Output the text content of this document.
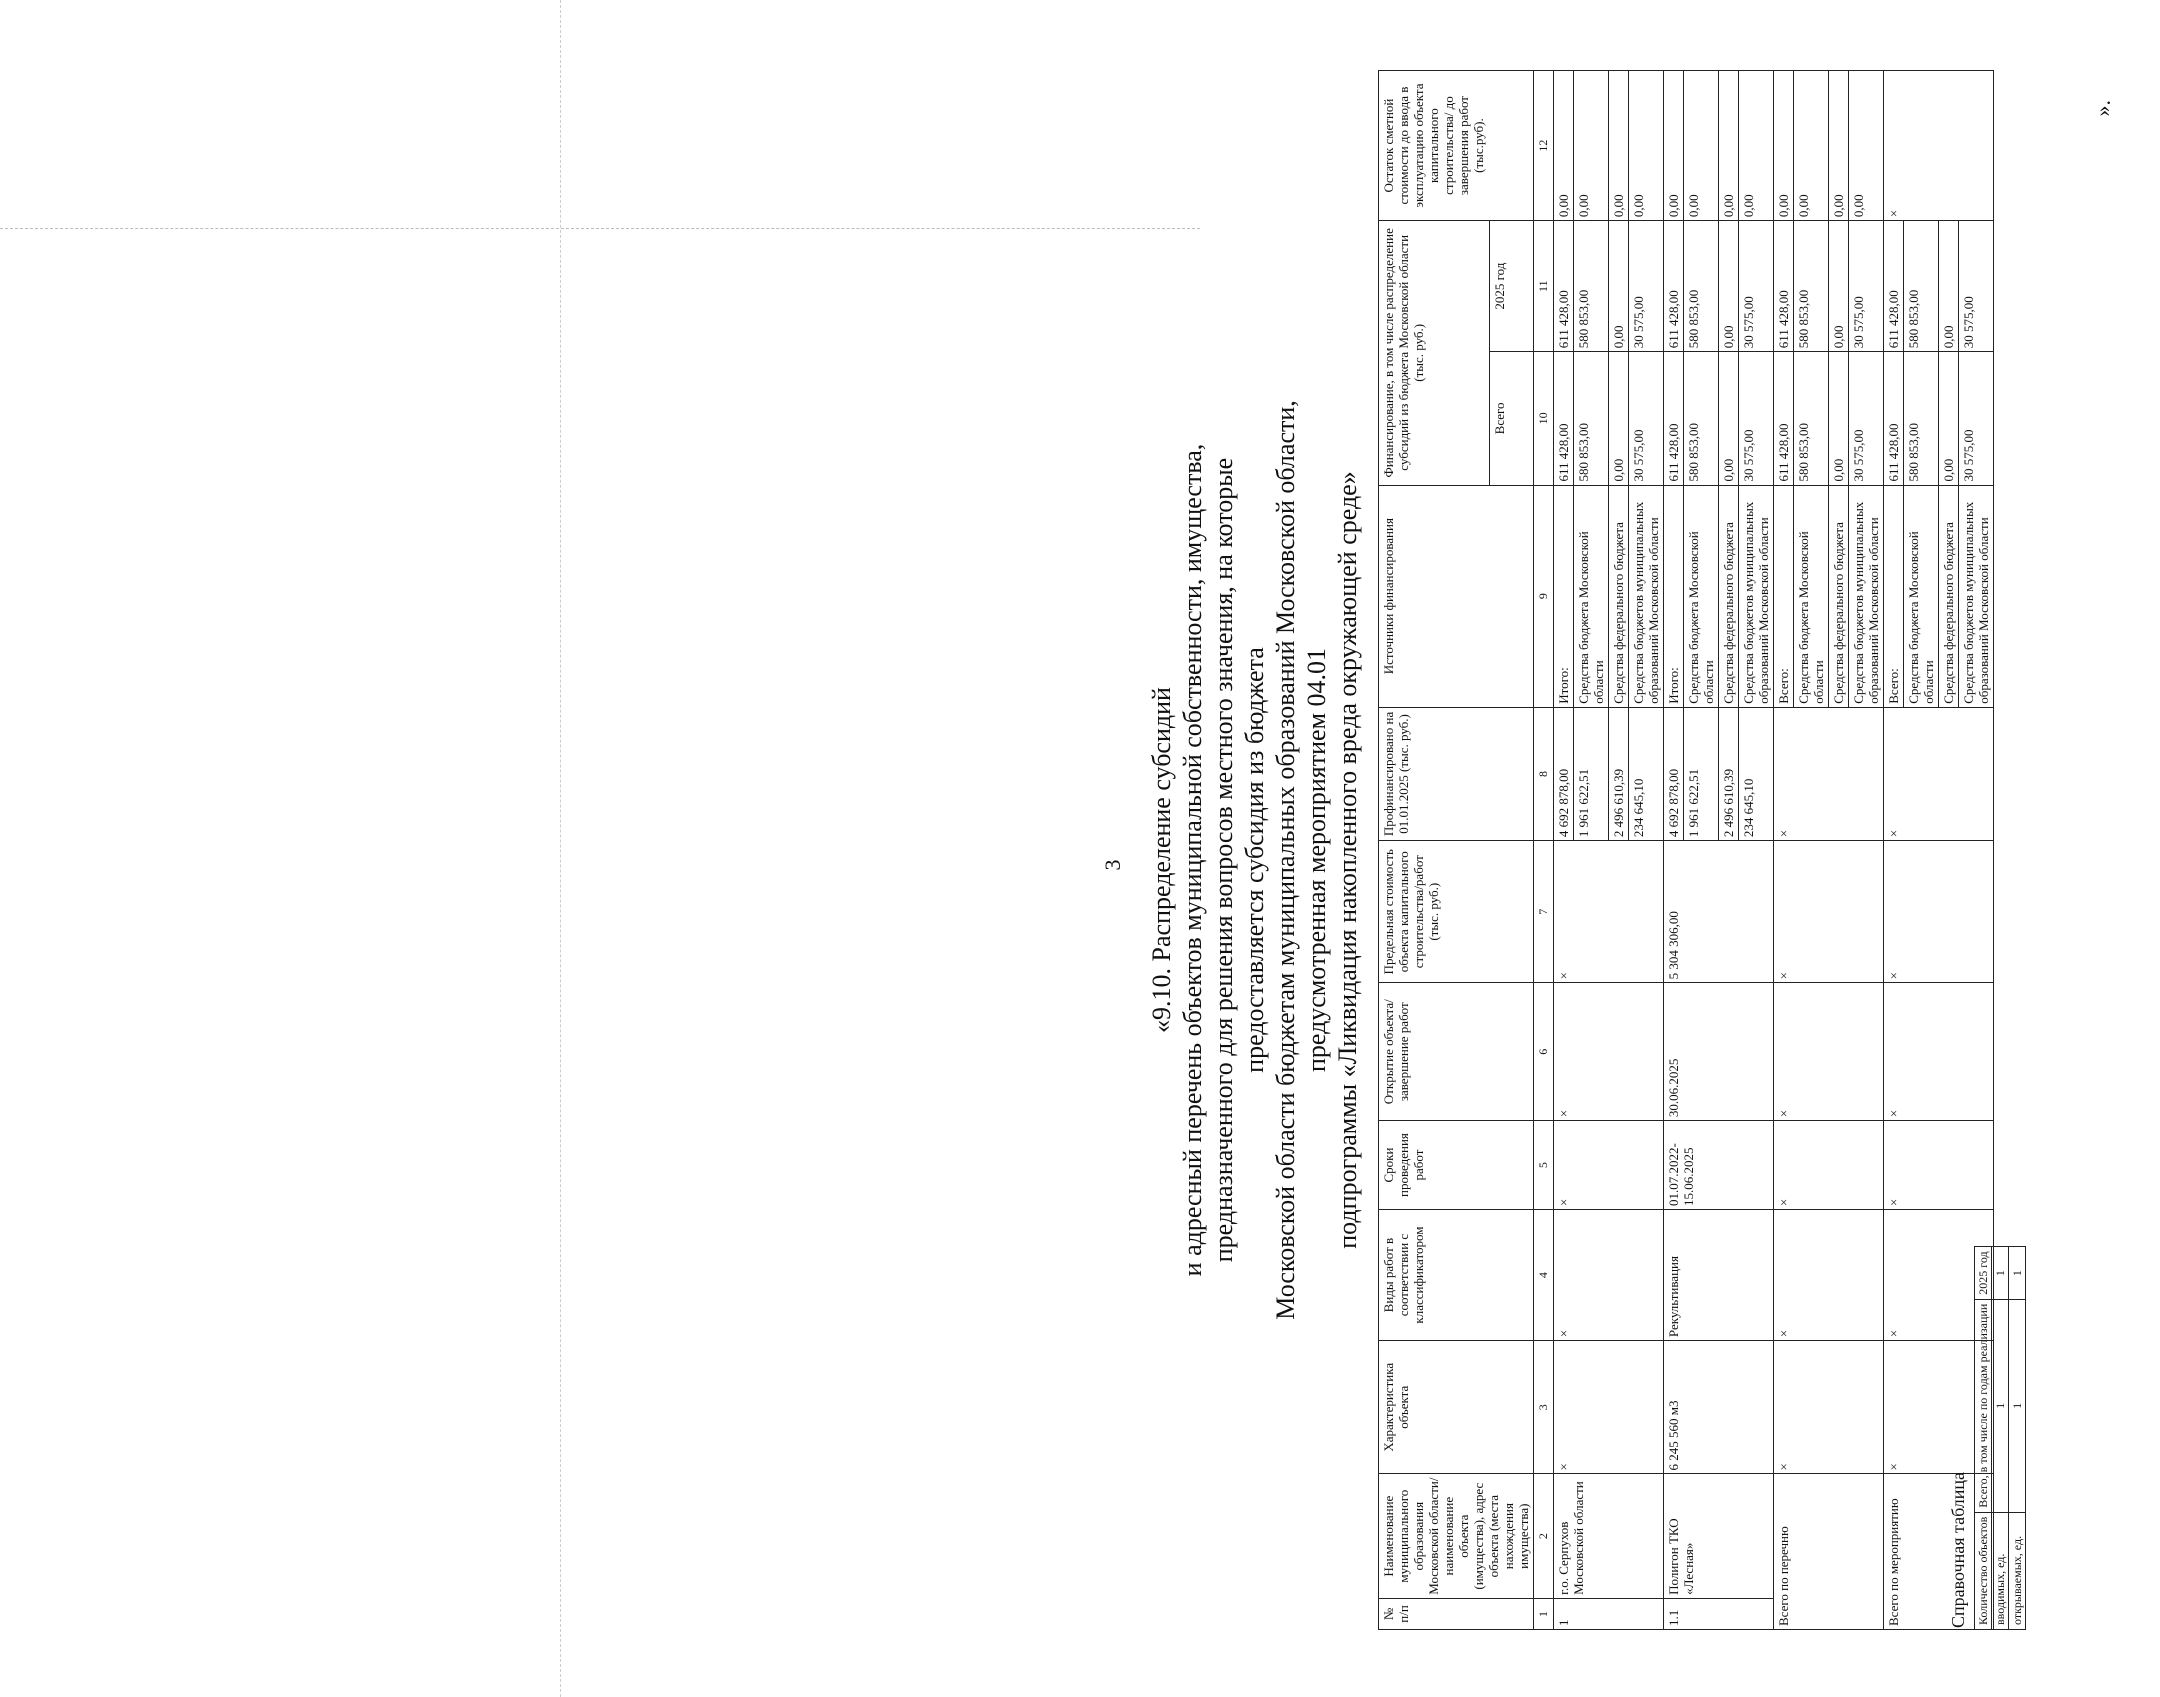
3 «9.10. Распределение субсидий и адресный перечень объектов муниципальной собственности, имущества, предназначенного для решения вопросов местного значения, на которые предоставляется субсидия из бюджета Московской области бюджетам муниципальных образований Московской области, предусмотренная мероприятием 04.01 подпрограммы «Ликвидация накопленного вреда окружающей среде»
№ п/п	Наименование муниципального образования Московской области/ наименование объекта (имущества), адрес объекта (места нахождения имущества)	Характеристика объекта	Виды работ в соответствии с классификатором	Сроки проведения работ	Открытие объекта/завершение работ	Предельная стоимость объекта капитального строительства/работ (тыс. руб.)	Профинансировано на 01.01.2025 (тыс. руб.)	Источники финансирования	Финансирование, в том числе распределение субсидий из бюджета Московской области (тыс. руб.)		Остаток сметной стоимости до ввода в эксплуатацию объекта капитального строительства/ до завершения работ (тыс.руб).
									Всего	2025 год	
1	2	3	4	5	6	7	8	9	10	11	12
1	г.о. Серпухов Московской области	×	×	×	×	×	4 692 878,00	Итого:	611 428,00	611 428,00	0,00
							1 961 622,51	Средства бюджета Московской области	580 853,00	580 853,00	0,00
							2 496 610,39	Средства федерального бюджета	0,00	0,00	0,00
							234 645,10	Средства бюджетов муниципальных образований Московской области	30 575,00	30 575,00	0,00
1.1	Полигон ТКО «Лесная»	6 245 560 м3	Рекультивация	01.07.2022-15.06.2025	30.06.2025	5 304 306,00	4 692 878,00	Итого:	611 428,00	611 428,00	0,00
							1 961 622,51	Средства бюджета Московской области	580 853,00	580 853,00	0,00
							2 496 610,39	Средства федерального бюджета	0,00	0,00	0,00
							234 645,10	Средства бюджетов муниципальных образований Московской области	30 575,00	30 575,00	0,00
Всего по перечню		×	×	×	×	×	×	Всего:	611 428,00	611 428,00	0,00
								Средства бюджета Московской области	580 853,00	580 853,00	0,00
								Средства федерального бюджета	0,00	0,00	0,00
								Средства бюджетов муниципальных образований Московской области	30 575,00	30 575,00	0,00
Всего по мероприятию		×	×	×	×	×	×	Всего:	611 428,00	611 428,00	×
								Средства бюджета Московской области	580 853,00	580 853,00	
								Средства федерального бюджета	0,00	0,00	
								Средства бюджетов муниципальных образований Московской области	30 575,00	30 575,00	
Справочная таблица Количество объектов	Всего, в том числе по годам реализации	2025 год
вводимых, ед.	1	1
открываемых, ед.	1	1
».
